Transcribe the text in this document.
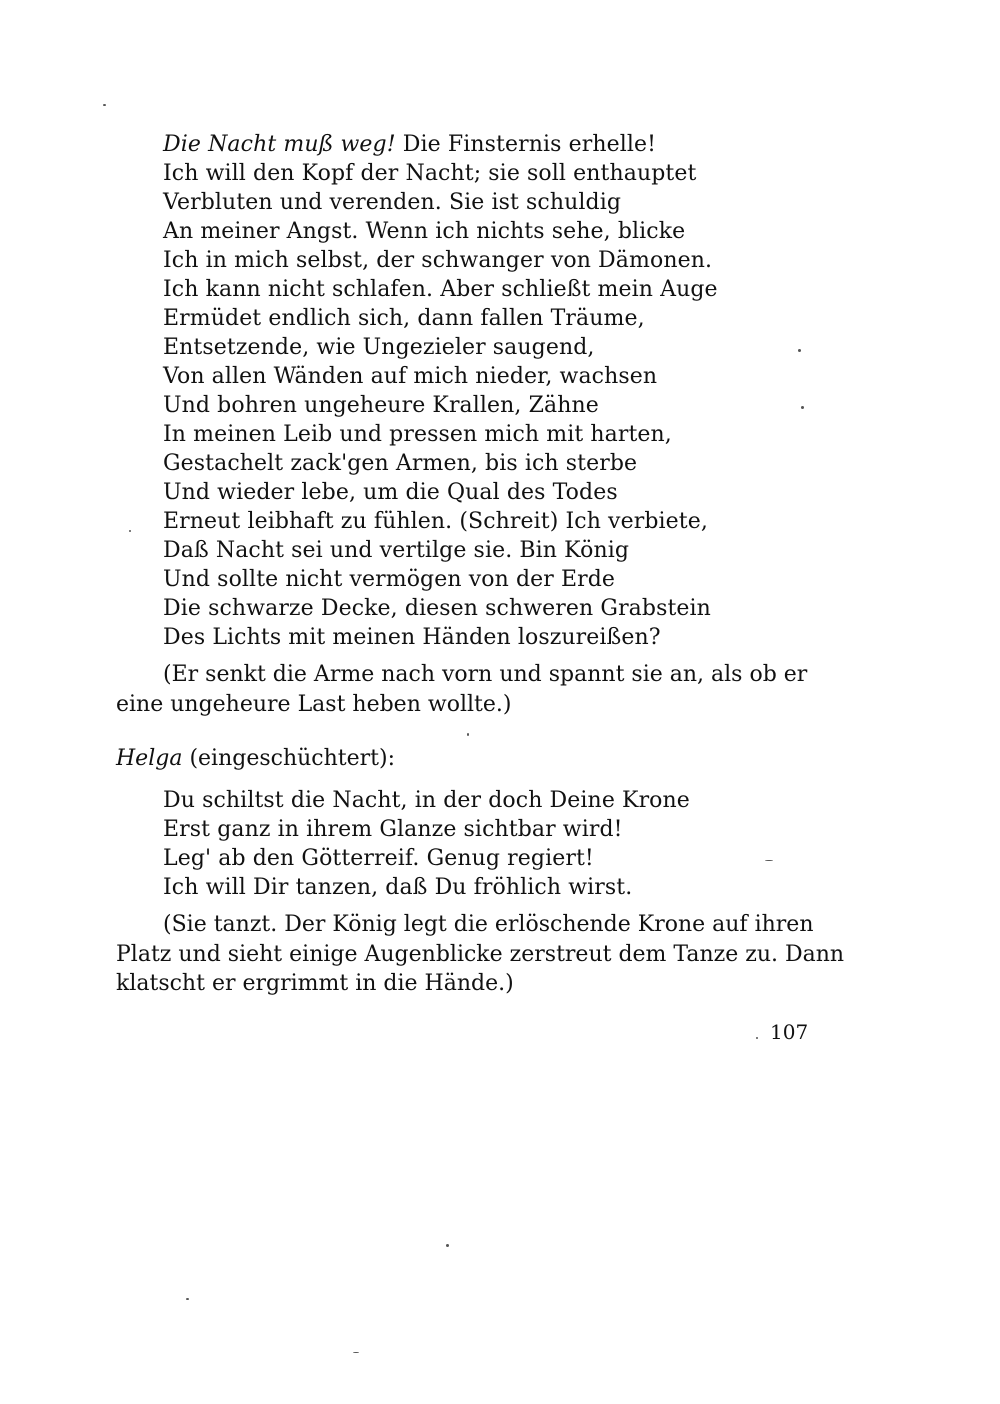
Die Nacht muß weg! Die Finsternis erhelle!
Ich will den Kopf der Nacht; sie soll enthauptet
Verbluten und verenden. Sie ist schuldig
An meiner Angst. Wenn ich nichts sehe, blicke
Ich in mich selbst, der schwanger von Dämonen.
Ich kann nicht schlafen. Aber schließt mein Auge
Ermüdet endlich sich, dann fallen Träume,
Entsetzende, wie Ungezieler saugend,
Von allen Wänden auf mich nieder, wachsen
Und bohren ungeheure Krallen, Zähne
In meinen Leib und pressen mich mit harten,
Gestachelt zack'gen Armen, bis ich sterbe
Und wieder lebe, um die Qual des Todes
Erneut leibhaft zu fühlen. (Schreit) Ich verbiete,
Daß Nacht sei und vertilge sie. Bin König
Und sollte nicht vermögen von der Erde
Die schwarze Decke, diesen schweren Grabstein
Des Lichts mit meinen Händen loszureißen?
(Er senkt die Arme nach vorn und spannt sie an, als ob er
eine ungeheure Last heben wollte.)
Helga (eingeschüchtert):
Du schiltst die Nacht, in der doch Deine Krone
Erst ganz in ihrem Glanze sichtbar wird!
Leg' ab den Götterreif. Genug regiert!
Ich will Dir tanzen, daß Du fröhlich wirst.
(Sie tanzt. Der König legt die erlöschende Krone auf ihren
Platz und sieht einige Augenblicke zerstreut dem Tanze zu. Dann
klatscht er ergrimmt in die Hände.)
107
